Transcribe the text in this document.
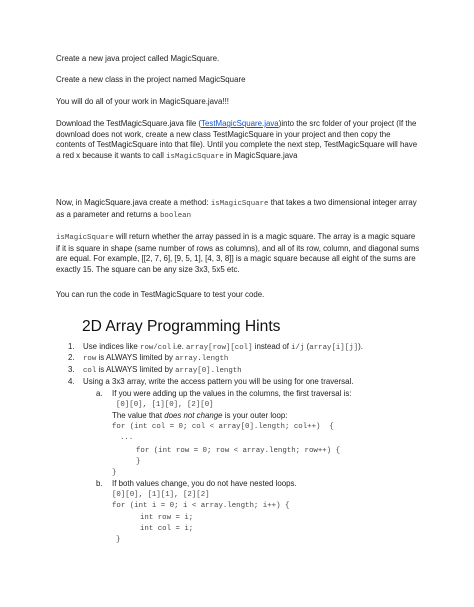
Create a new java project called MagicSquare.

Create a new class in the project named MagicSquare

You will do all of your work in MagicSquare.java!!!

Download the TestMagicSquare.java file (TestMagicSquare.java)into the src folder of your project (If the download does not work, create a new class TestMagicSquare in your project and then copy the contents of TestMagicSquare into that file). Until you complete the next step, TestMagicSquare will have a red x because it wants to call isMagicSquare in MagicSquare.java

Now, in MagicSquare.java create a method: isMagicSquare that takes a two dimensional integer array as a parameter and returns a boolean

isMagicSquare will return whether the array passed in is a magic square. The array is a magic square if it is square in shape (same number of rows as columns), and all of its row, column, and diagonal sums are equal. For example, [[2, 7, 6], [9, 5, 1], [4, 3, 8]] is a magic square because all eight of the sums are exactly 15. The square can be any size 3x3, 5x5 etc.

You can run the code in TestMagicSquare to test your code.

2D Array Programming Hints
1. Use indices like row/col i.e. array[row][col] instead of i/j (array[i][j]).

2. row is ALWAYS limited by array.length

3. col is ALWAYS limited by array[0].length

4. Using a 3x3 array, write the access pattern you will be using for one traversal.

a. If you were adding up the values in the columns, the first traversal is:

[0][0], [1][0], [2][0]

The value that does not change is your outer loop:

for (int col = 0; col < array[0].length; col++)  {
...
for (int row = 0; row < array.length; row++) {
}
}
b. If both values change, you do not have nested loops.

[0][0], [1][1], [2][2]
for (int i = 0; i < array.length; i++) {
int row = i;
int col = i;
}
